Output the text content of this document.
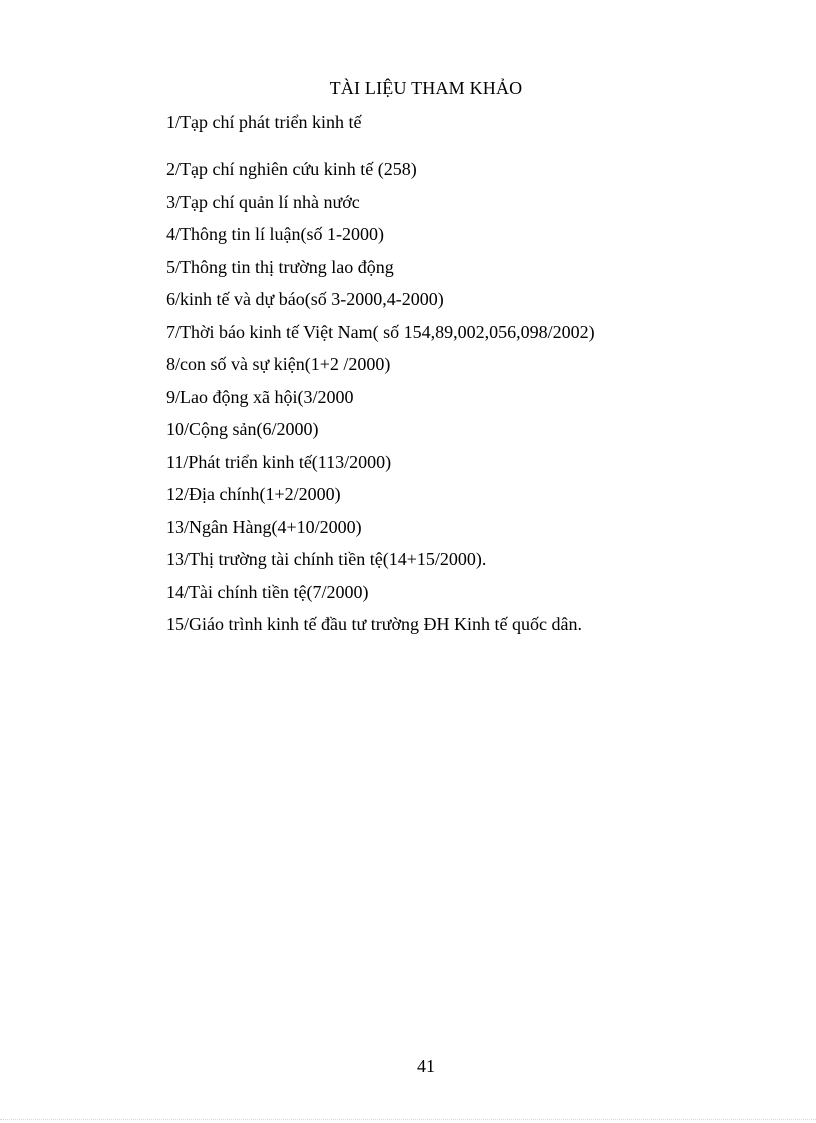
TÀI LIỆU THAM KHẢO
1/Tạp chí phát triển kinh tế
2/Tạp chí nghiên cứu kinh tế (258)
3/Tạp chí quản lí nhà nước
4/Thông tin lí luận(số 1-2000)
5/Thông tin thị trường lao động
6/kinh tế và dự báo(số 3-2000,4-2000)
7/Thời báo kinh tế Việt Nam( số 154,89,002,056,098/2002)
8/con số và sự kiện(1+2 /2000)
9/Lao động xã hội(3/2000
10/Cộng sản(6/2000)
11/Phát triển kinh tế(113/2000)
12/Địa chính(1+2/2000)
13/Ngân Hàng(4+10/2000)
13/Thị trường tài chính tiền tệ(14+15/2000).
14/Tài chính tiền tệ(7/2000)
15/Giáo trình kinh tế đầu tư trường ĐH Kinh tế quốc dân.
41
